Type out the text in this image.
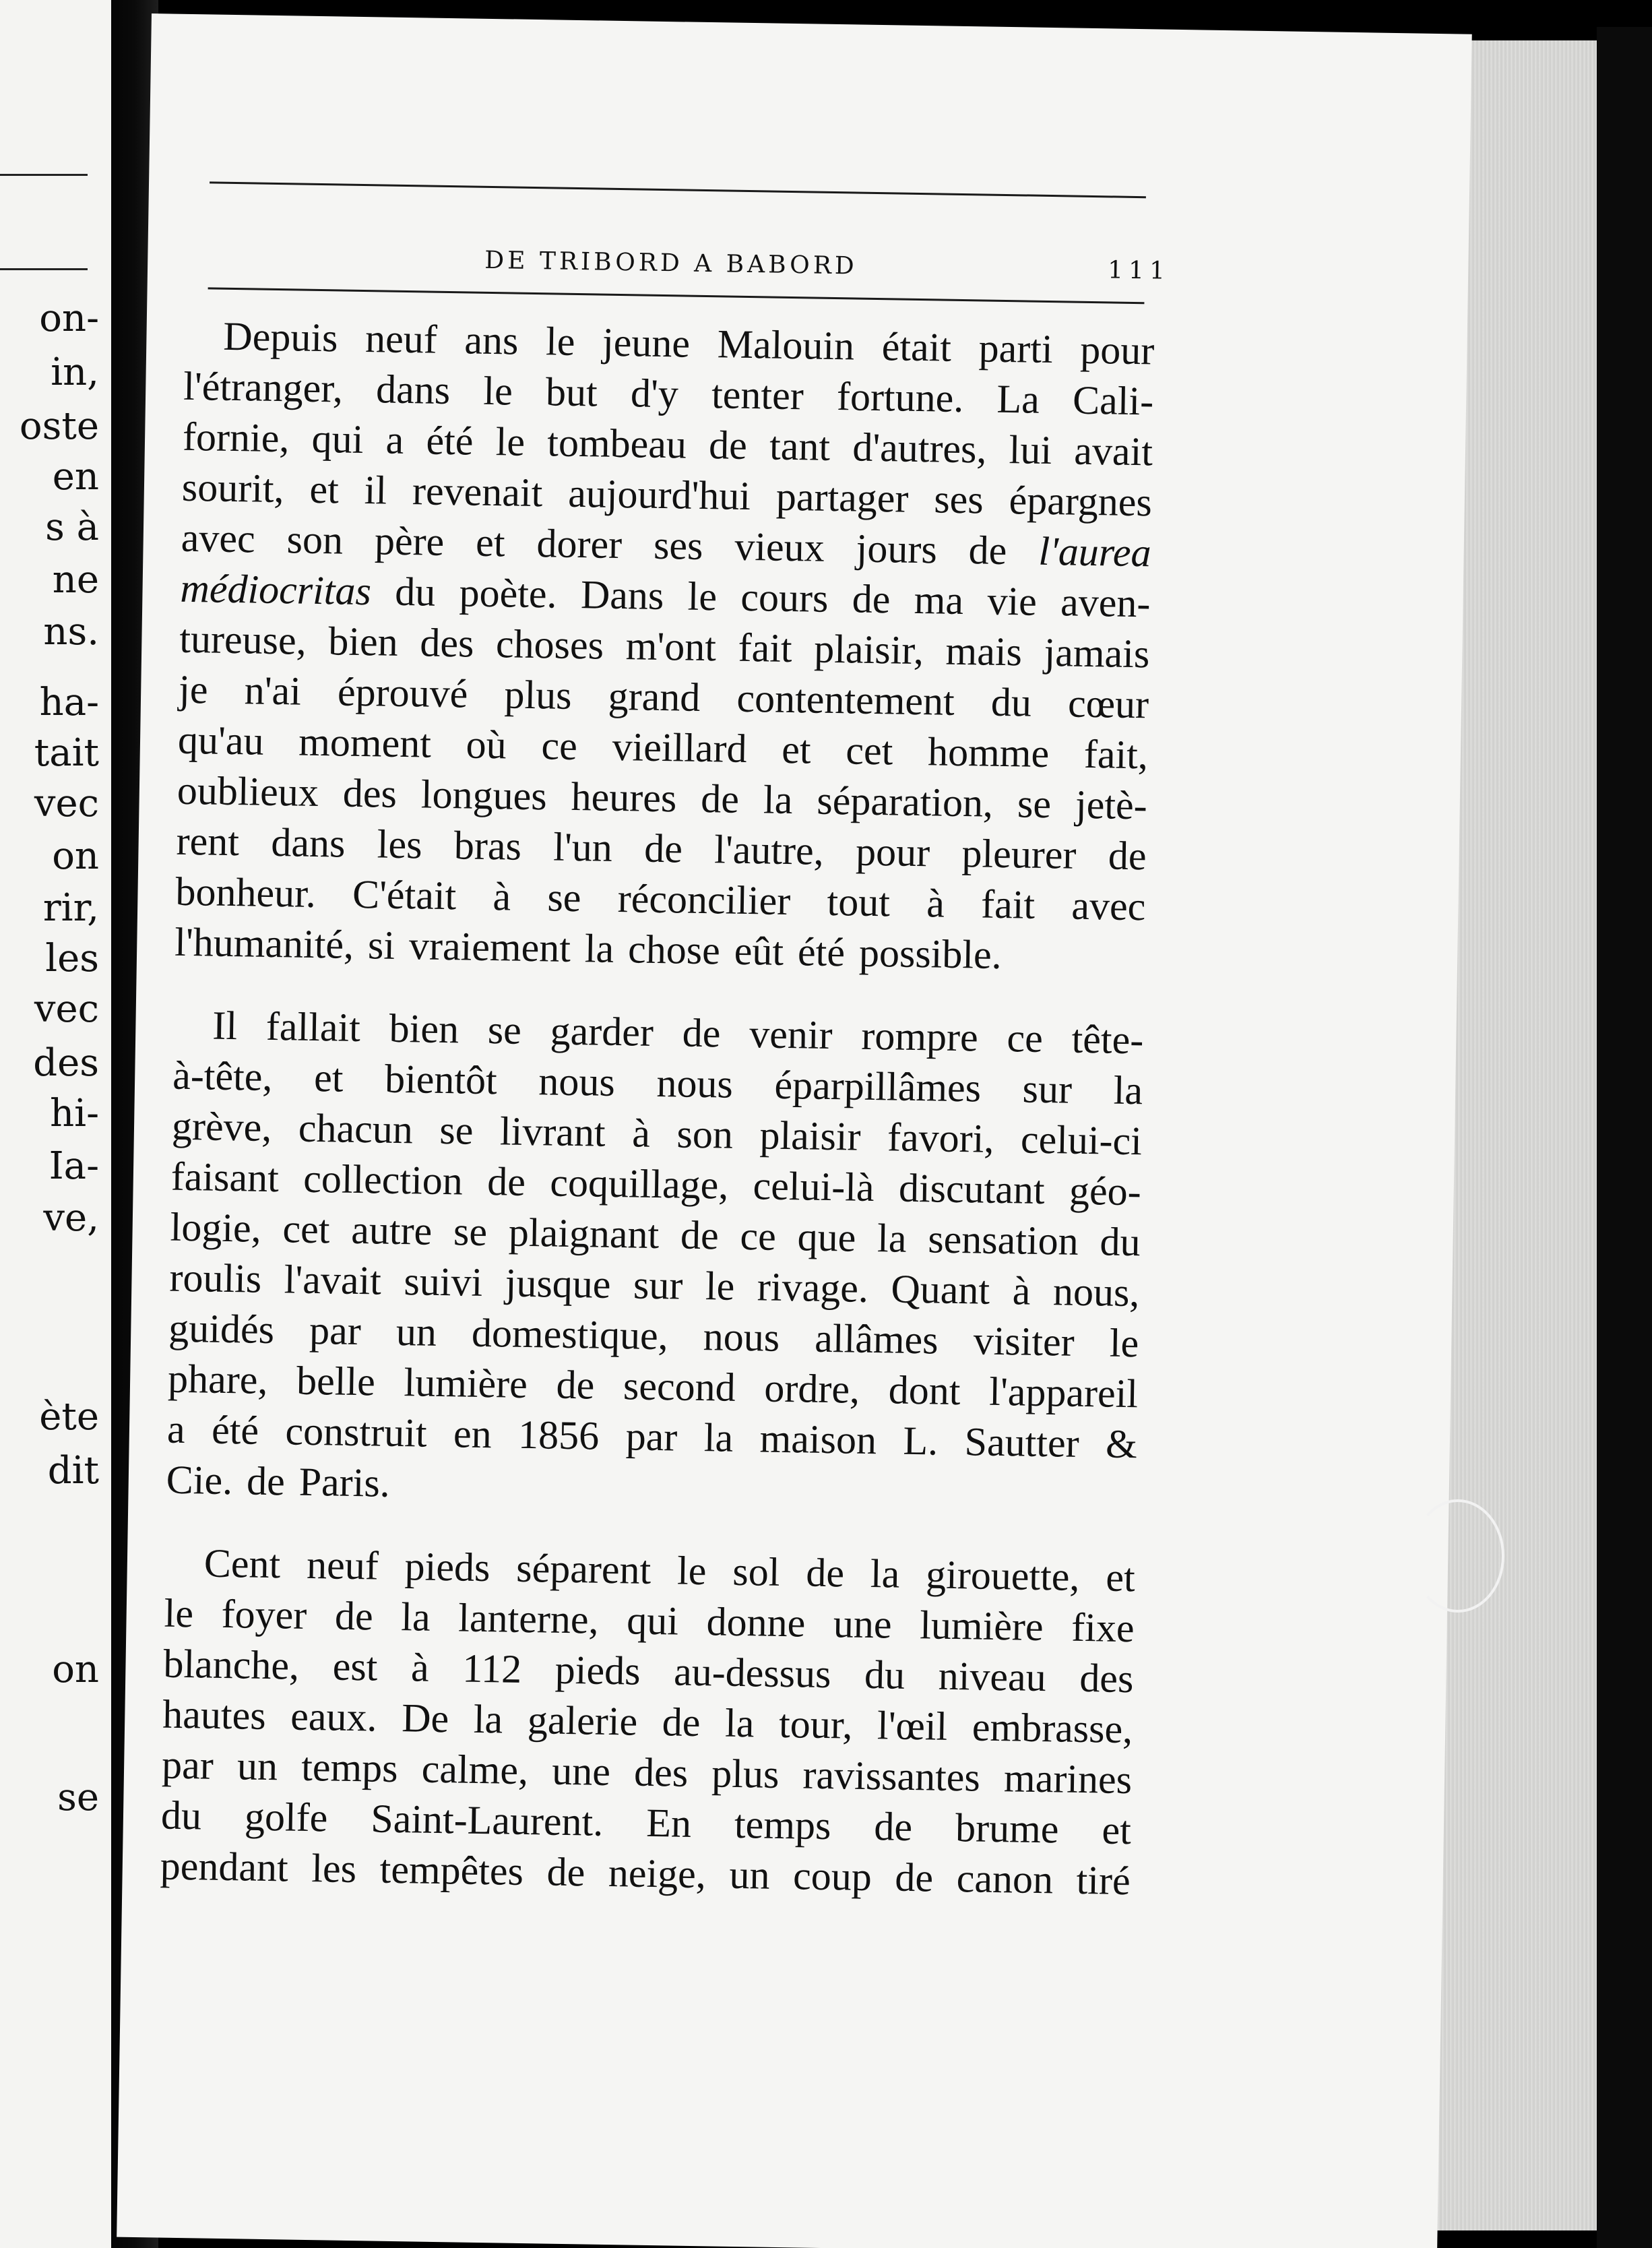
on-
in,
oste
en
s à
ne
ns.
ha-
tait
vec
on
rir,
les
vec
des
hi-
Ia-
ve,
ète
dit
on
se
DE TRIBORD A BABORD	111
Depuis neuf ans le jeune Malouin était parti pour
l'étranger, dans le but d'y tenter fortune. La Cali-
fornie, qui a été le tombeau de tant d'autres, lui avait
sourit, et il revenait aujourd'hui partager ses épargnes
avec son père et dorer ses vieux jours de l'aurea
médiocritas du poète. Dans le cours de ma vie aven-
tureuse, bien des choses m'ont fait plaisir, mais jamais
je n'ai éprouvé plus grand contentement du cœur
qu'au moment où ce vieillard et cet homme fait,
oublieux des longues heures de la séparation, se jetè-
rent dans les bras l'un de l'autre, pour pleurer de
bonheur. C'était à se réconcilier tout à fait avec
l'humanité, si vraiement la chose eût été possible.
Il fallait bien se garder de venir rompre ce tête-
à-tête, et bientôt nous nous éparpillâmes sur la
grève, chacun se livrant à son plaisir favori, celui-ci
faisant collection de coquillage, celui-là discutant géo-
logie, cet autre se plaignant de ce que la sensation du
roulis l'avait suivi jusque sur le rivage. Quant à nous,
guidés par un domestique, nous allâmes visiter le
phare, belle lumière de second ordre, dont l'appareil
a été construit en 1856 par la maison L. Sautter &
Cie. de Paris.
Cent neuf pieds séparent le sol de la girouette, et
le foyer de la lanterne, qui donne une lumière fixe
blanche, est à 112 pieds au-dessus du niveau des
hautes eaux. De la galerie de la tour, l'œil embrasse,
par un temps calme, une des plus ravissantes marines
du golfe Saint-Laurent. En temps de brume et
pendant les tempêtes de neige, un coup de canon tiré
